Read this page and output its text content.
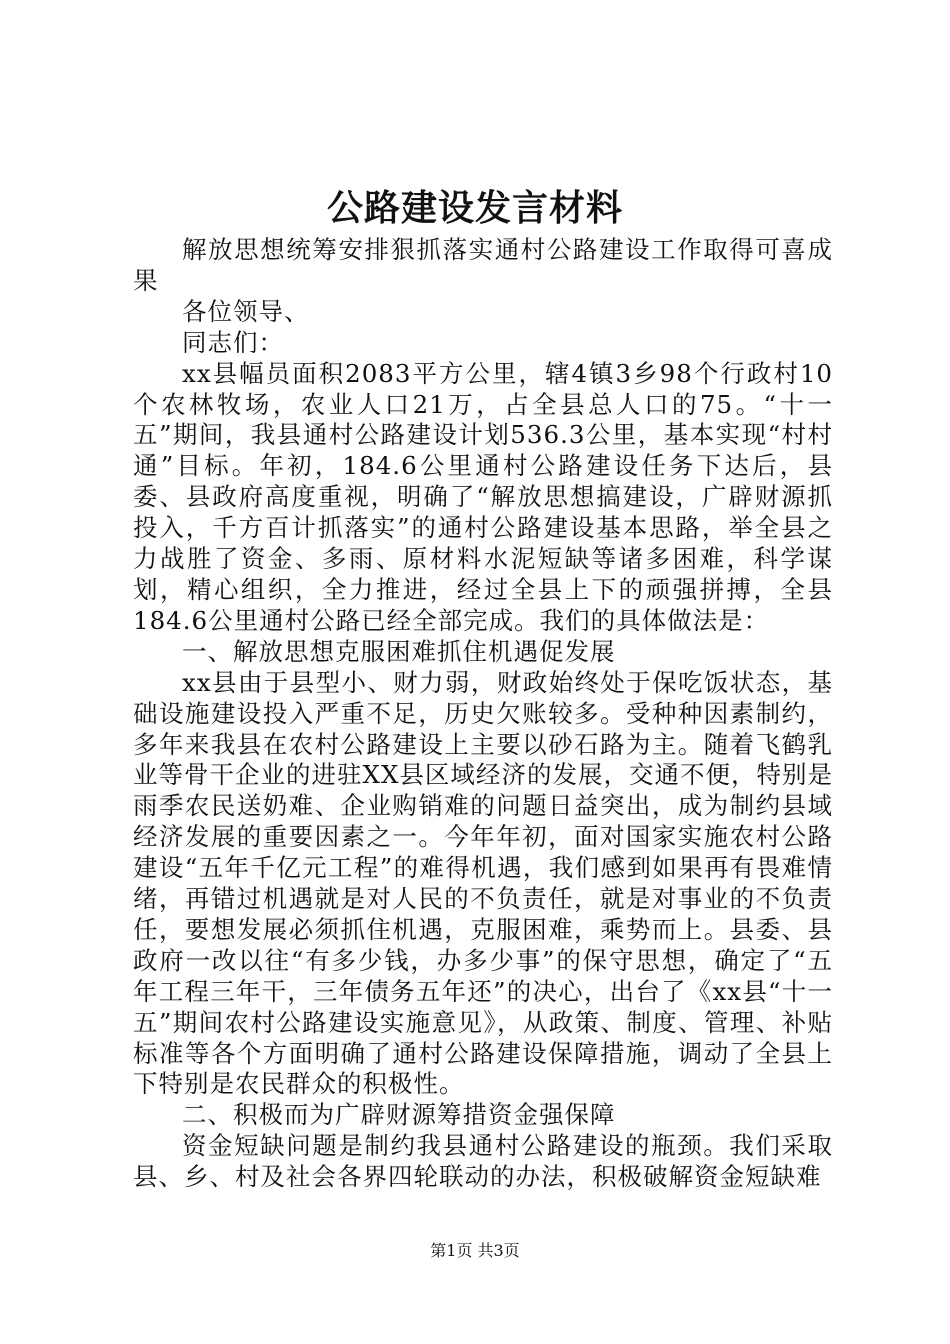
公路建设发言材料

解放思想统筹安排狠抓落实通村公路建设工作取得可喜成果

各位领导、

同志们：

xx县幅员面积2083平方公里，辖4镇3乡98个行政村10个农林牧场，农业人口21万，占全县总人口的75。“十一五”期间，我县通村公路建设计划536.3公里，基本实现“村村通”目标。年初，184.6公里通村公路建设任务下达后，县委、县政府高度重视，明确了“解放思想搞建设，广辟财源抓投入，千方百计抓落实”的通村公路建设基本思路，举全县之力战胜了资金、多雨、原材料水泥短缺等诸多困难，科学谋划，精心组织，全力推进，经过全县上下的顽强拼搏，全县184.6公里通村公路已经全部完成。我们的具体做法是：

一、解放思想克服困难抓住机遇促发展

xx县由于县型小、财力弱，财政始终处于保吃饭状态，基础设施建设投入严重不足，历史欠账较多。受种种因素制约，多年来我县在农村公路建设上主要以砂石路为主。随着飞鹤乳业等骨干企业的进驻XX县区域经济的发展，交通不便，特别是雨季农民送奶难、企业购销难的问题日益突出，成为制约县域经济发展的重要因素之一。今年年初，面对国家实施农村公路建设“五年千亿元工程”的难得机遇，我们感到如果再有畏难情绪，再错过机遇就是对人民的不负责任，就是对事业的不负责任，要想发展必须抓住机遇，克服困难，乘势而上。县委、县政府一改以往“有多少钱，办多少事”的保守思想，确定了“五年工程三年干，三年债务五年还”的决心，出台了《xx县“十一五”期间农村公路建设实施意见》，从政策、制度、管理、补贴标准等各个方面明确了通村公路建设保障措施，调动了全县上下特别是农民群众的积极性。

二、积极而为广辟财源筹措资金强保障

资金短缺问题是制约我县通村公路建设的瓶颈。我们采取县、乡、村及社会各界四轮联动的办法，积极破解资金短缺难

第1页 共3页
